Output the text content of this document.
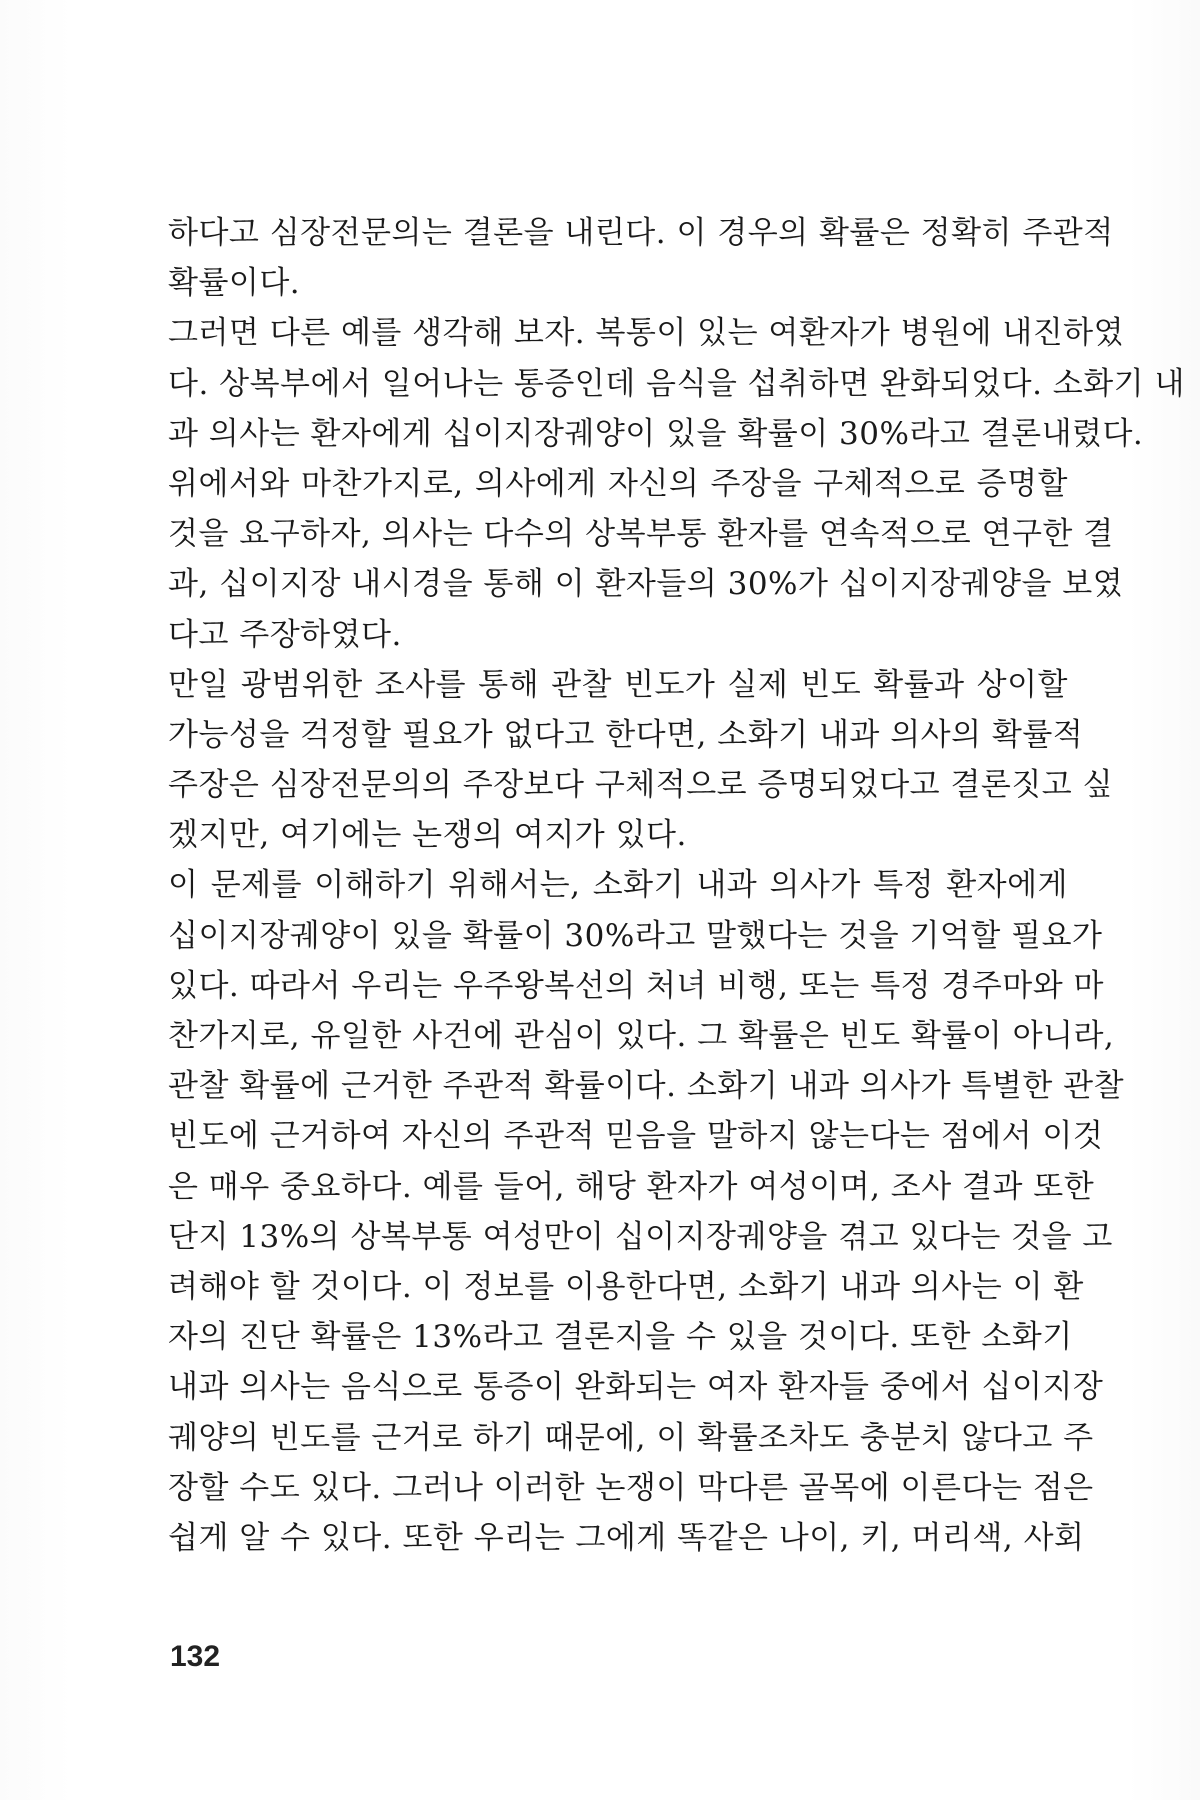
하다고 심장전문의는 결론을 내린다. 이 경우의 확률은 정확히 주관적
확률이다.
그러면 다른 예를 생각해 보자. 복통이 있는 여환자가 병원에 내진하였
다. 상복부에서 일어나는 통증인데 음식을 섭취하면 완화되었다. 소화기 내
과 의사는 환자에게 십이지장궤양이 있을 확률이 30%라고 결론내렸다.
위에서와 마찬가지로, 의사에게 자신의 주장을 구체적으로 증명할
것을 요구하자, 의사는 다수의 상복부통 환자를 연속적으로 연구한 결
과, 십이지장 내시경을 통해 이 환자들의 30%가 십이지장궤양을 보였
다고 주장하였다.
만일 광범위한 조사를 통해 관찰 빈도가 실제 빈도 확률과 상이할
가능성을 걱정할 필요가 없다고 한다면, 소화기 내과 의사의 확률적
주장은 심장전문의의 주장보다 구체적으로 증명되었다고 결론짓고 싶
겠지만, 여기에는 논쟁의 여지가 있다.
이 문제를 이해하기 위해서는, 소화기 내과 의사가 특정 환자에게
십이지장궤양이 있을 확률이 30%라고 말했다는 것을 기억할 필요가
있다. 따라서 우리는 우주왕복선의 처녀 비행, 또는 특정 경주마와 마
찬가지로, 유일한 사건에 관심이 있다. 그 확률은 빈도 확률이 아니라,
관찰 확률에 근거한 주관적 확률이다. 소화기 내과 의사가 특별한 관찰
빈도에 근거하여 자신의 주관적 믿음을 말하지 않는다는 점에서 이것
은 매우 중요하다. 예를 들어, 해당 환자가 여성이며, 조사 결과 또한
단지 13%의 상복부통 여성만이 십이지장궤양을 겪고 있다는 것을 고
려해야 할 것이다. 이 정보를 이용한다면, 소화기 내과 의사는 이 환
자의 진단 확률은 13%라고 결론지을 수 있을 것이다. 또한 소화기
내과 의사는 음식으로 통증이 완화되는 여자 환자들 중에서 십이지장
궤양의 빈도를 근거로 하기 때문에, 이 확률조차도 충분치 않다고 주
장할 수도 있다. 그러나 이러한 논쟁이 막다른 골목에 이른다는 점은
쉽게 알 수 있다. 또한 우리는 그에게 똑같은 나이, 키, 머리색, 사회
132
